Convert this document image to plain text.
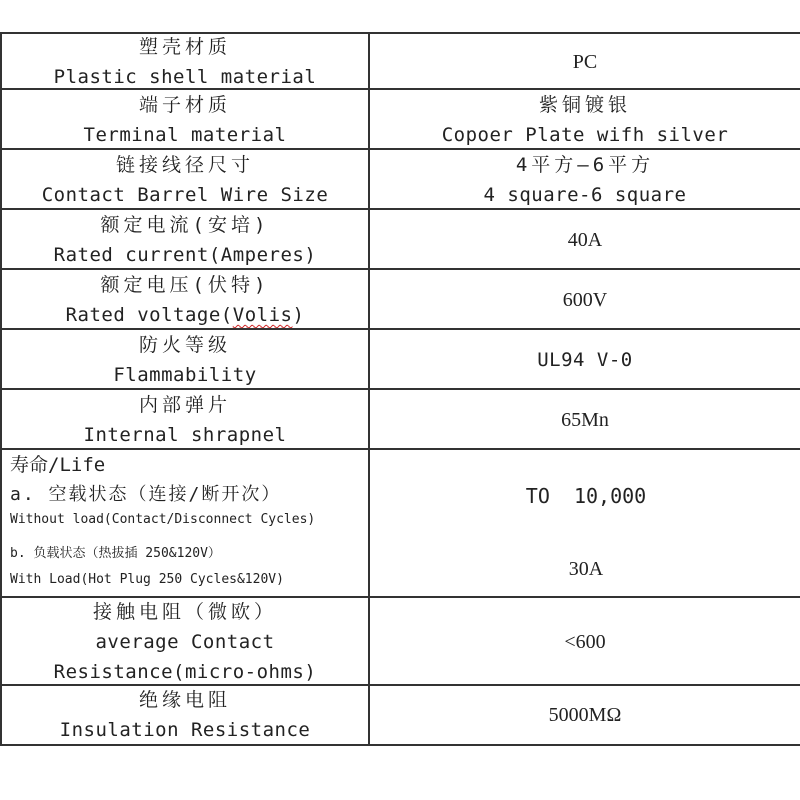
塑壳材质
Plastic shell material
PC
端子材质
Terminal material
紫铜镀银
Copoer Plate wifh silver
链接线径尺寸
Contact Barrel Wire Size
4平方—6平方
4 square-6 square
额定电流(安培)
Rated current(Amperes)
40A
额定电压(伏特)
Rated voltage(Volis)
600V
防火等级
Flammability
UL94 V-0
内部弹片
Internal shrapnel
65Mn
寿命/Life
a. 空载状态（连接/断开次）
Without load(Contact/Disconnect Cycles)
b. 负载状态（热拔插 250&120V）
With Load(Hot Plug 250 Cycles&120V)
TO  10,000
30A
接触电阻（微欧）
average Contact
Resistance(micro-ohms)
<600
绝缘电阻
Insulation Resistance
5000MΩ
